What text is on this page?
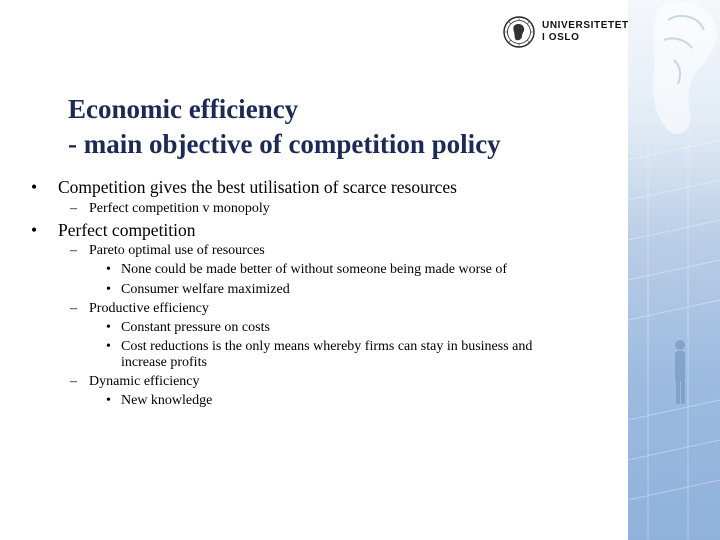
UNIVERSITETET
I OSLO
Economic efficiency
- main objective of competition policy
• Competition gives the best utilisation of scarce resources
– Perfect competition v monopoly
• Perfect competition
– Pareto optimal use of resources
• None could be made better of without someone being made worse of
• Consumer welfare maximized
– Productive efficiency
• Constant pressure on costs
• Cost reductions is the only means whereby firms can stay in business and
increase profits
– Dynamic efficiency
• New knowledge
